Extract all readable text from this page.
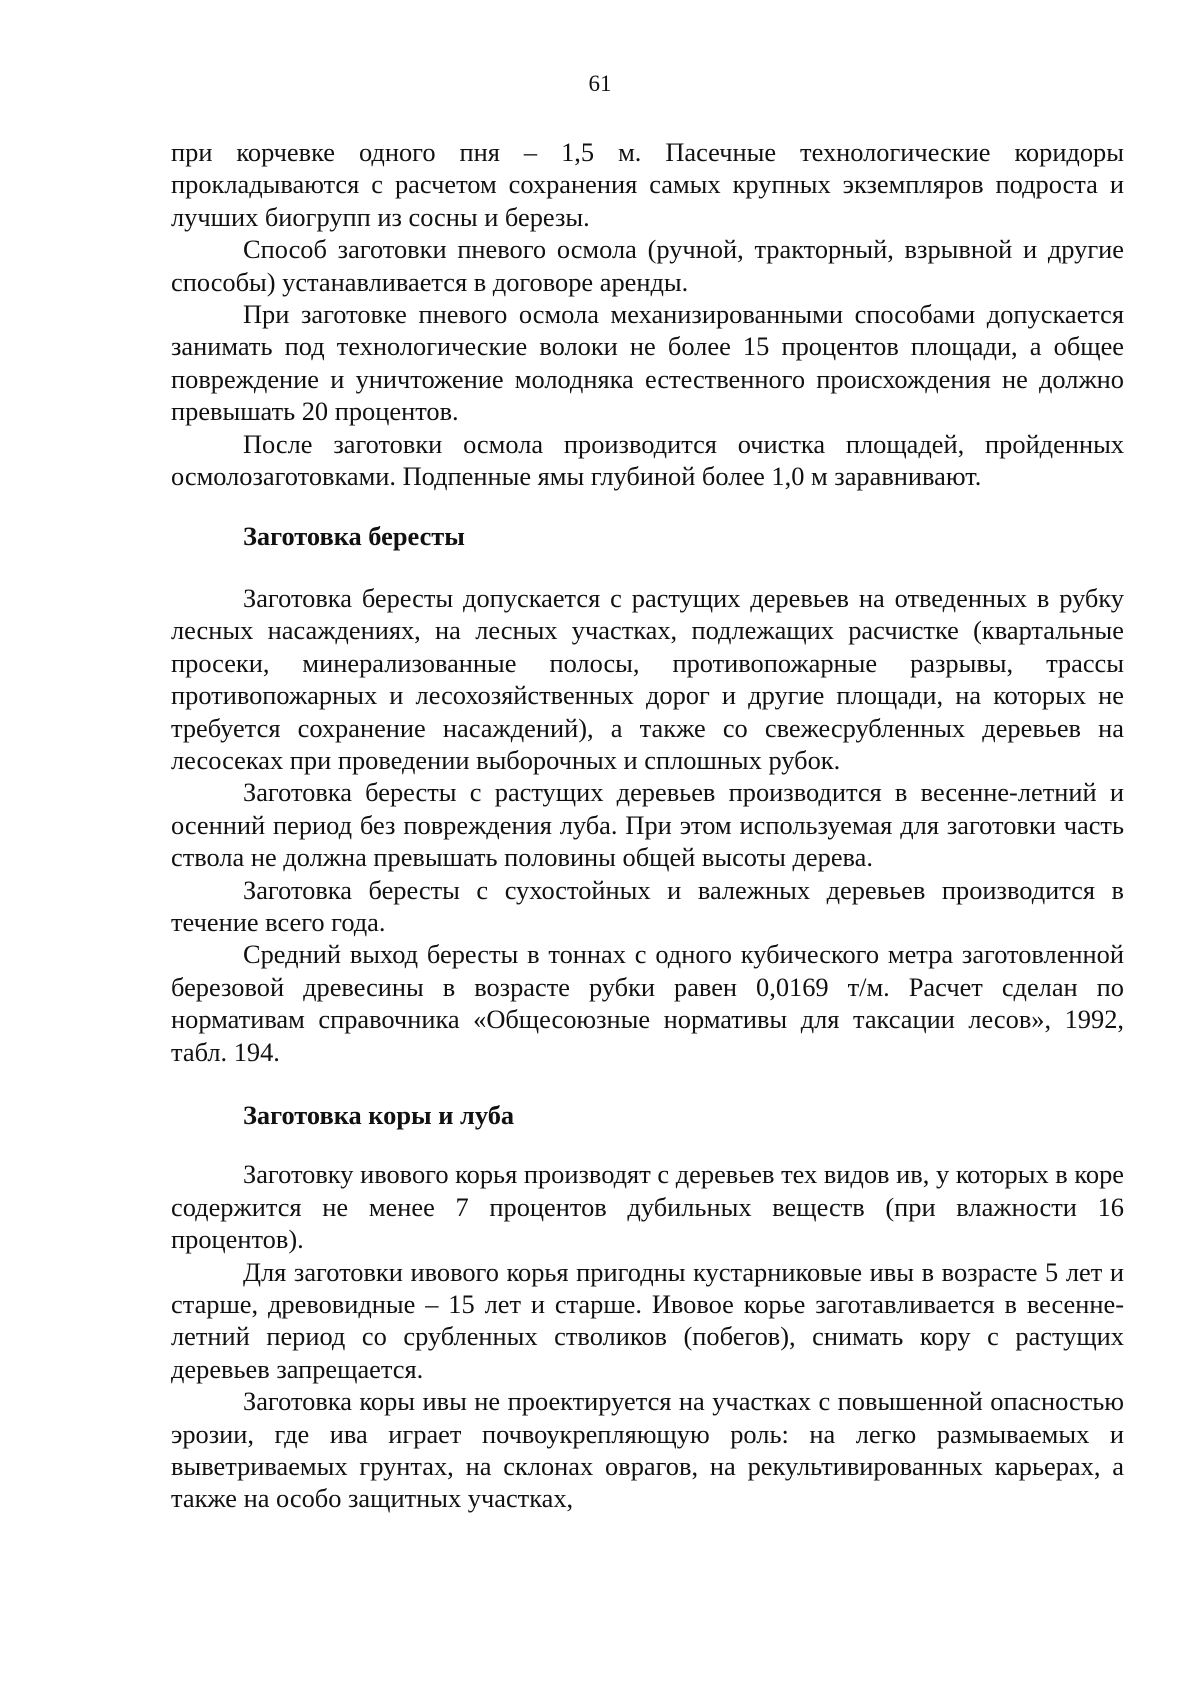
61

при корчевке одного пня – 1,5 м. Пасечные технологические коридоры прокладываются с расчетом сохранения самых крупных экземпляров подроста и лучших биогрупп из сосны и березы.

Способ заготовки пневого осмола (ручной, тракторный, взрывной и другие способы) устанавливается в договоре аренды.

При заготовке пневого осмола механизированными способами допускается занимать под технологические волоки не более 15 процентов площади, а общее повреждение и уничтожение молодняка естественного происхождения не должно превышать 20 процентов.

После заготовки осмола производится очистка площадей, пройденных осмолозаготовками. Подпенные ямы глубиной более 1,0 м заравнивают.

Заготовка бересты

Заготовка бересты допускается с растущих деревьев на отведенных в рубку лесных насаждениях, на лесных участках, подлежащих расчистке (квартальные просеки, минерализованные полосы, противопожарные разрывы, трассы противопожарных и лесохозяйственных дорог и другие площади, на которых не требуется сохранение насаждений), а также со свежесрубленных деревьев на лесосеках при проведении выборочных и сплошных рубок.

Заготовка бересты с растущих деревьев производится в весенне-летний и осенний период без повреждения луба. При этом используемая для заготовки часть ствола не должна превышать половины общей высоты дерева.

Заготовка бересты с сухостойных и валежных деревьев производится в течение всего года.

Средний выход бересты в тоннах с одного кубического метра заготовленной березовой древесины в возрасте рубки равен 0,0169 т/м. Расчет сделан по нормативам справочника «Общесоюзные нормативы для таксации лесов», 1992, табл. 194.

Заготовка коры и луба

Заготовку ивового корья производят с деревьев тех видов ив, у которых в коре содержится не менее 7 процентов дубильных веществ (при влажности 16 процентов).

Для заготовки ивового корья пригодны кустарниковые ивы в возрасте 5 лет и старше, древовидные – 15 лет и старше. Ивовое корье заготавливается в весенне-летний период со срубленных стволиков (побегов), снимать кору с растущих деревьев запрещается.

Заготовка коры ивы не проектируется на участках с повышенной опасностью эрозии, где ива играет почвоукрепляющую роль: на легко размываемых и выветриваемых грунтах, на склонах оврагов, на рекультивированных карьерах, а также на особо защитных участках,
